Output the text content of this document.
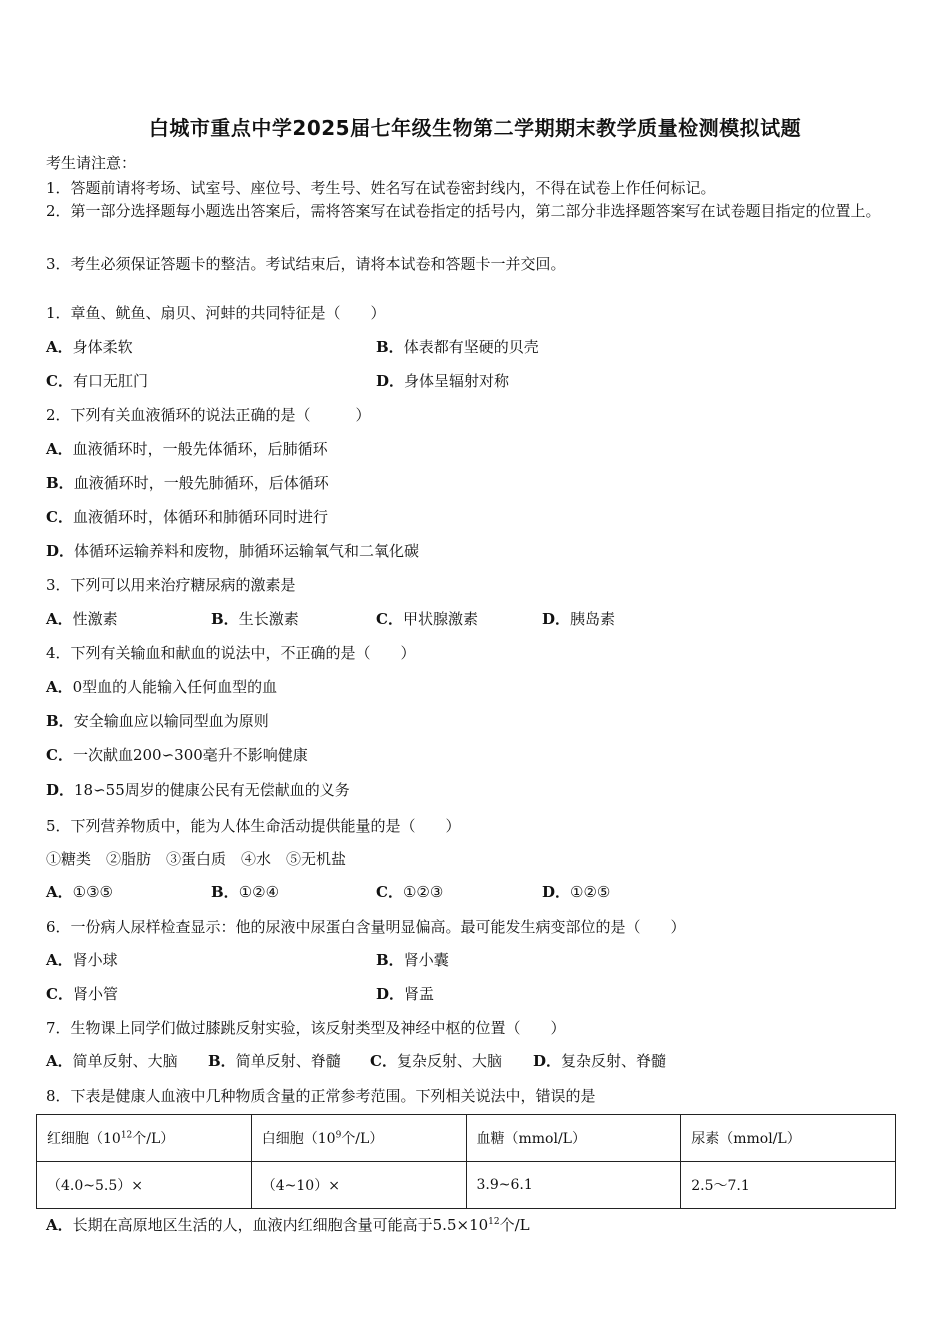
白城市重点中学2025届七年级生物第二学期期末教学质量检测模拟试题
考生请注意：
1．答题前请将考场、试室号、座位号、考生号、姓名写在试卷密封线内，不得在试卷上作任何标记。
2．第一部分选择题每小题选出答案后，需将答案写在试卷指定的括号内，第二部分非选择题答案写在试卷题目指定的位置上。
3．考生必须保证答题卡的整洁。考试结束后，请将本试卷和答题卡一并交回。
1．章鱼、鱿鱼、扇贝、河蚌的共同特征是（　　）
A．身体柔软	B．体表都有坚硬的贝壳
C．有口无肛门	D．身体呈辐射对称
2．下列有关血液循环的说法正确的是（　　　）
A．血液循环时，一般先体循环，后肺循环
B．血液循环时，一般先肺循环，后体循环
C．血液循环时，体循环和肺循环同时进行
D．体循环运输养料和废物，肺循环运输氧气和二氧化碳
3．下列可以用来治疗糖尿病的激素是
A．性激素	B．生长激素	C．甲状腺激素	D．胰岛素
4．下列有关输血和献血的说法中，不正确的是（　　）
A．0型血的人能输入任何血型的血
B．安全输血应以输同型血为原则
C．一次献血200∽300毫升不影响健康
D．18∽55周岁的健康公民有无偿献血的义务
5．下列营养物质中，能为人体生命活动提供能量的是（　　）
①糖类　②脂肪　③蛋白质　④水　⑤无机盐
A．①③⑤	B．①②④	C．①②③	D．①②⑤
6．一份病人尿样检查显示：他的尿液中尿蛋白含量明显偏高。最可能发生病变部位的是（　　）
A．肾小球	B．肾小囊
C．肾小管	D．肾盂
7．生物课上同学们做过膝跳反射实验，该反射类型及神经中枢的位置（　　）
A．简单反射、大脑 B．简单反射、脊髓 C．复杂反射、大脑 D．复杂反射、脊髓
8．下表是健康人血液中几种物质含量的正常参考范围。下列相关说法中，错误的是
红细胞（$10^{12}$个/L）	白细胞（$10^9$个/L）	血糖（mmol/L）	尿素（mmol/L）
（4.0~5.5）×	（4~10）×	3.9~6.1	2.5～7.1
A．长期在高原地区生活的人，血液内红细胞含量可能高于$5.5\times 10^{12}$个/L
